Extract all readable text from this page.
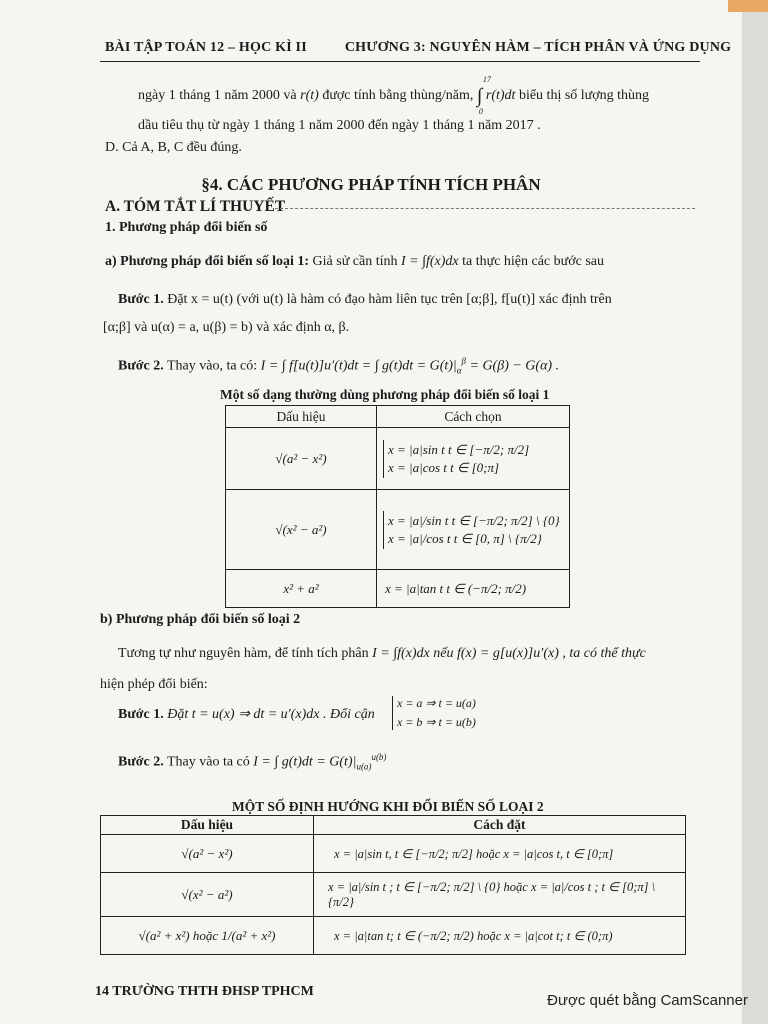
BÀI TẬP TOÁN 12 – HỌC KÌ II	CHƯƠNG 3: NGUYÊN HÀM – TÍCH PHÂN VÀ ỨNG DỤNG
ngày 1 tháng 1 năm 2000 và r(t) được tính bằng thùng/năm, ∫
17
0
r(t)dt biểu thị số lượng thùng
dầu tiêu thụ từ ngày 1 tháng 1 năm 2000 đến ngày 1 tháng 1 năm 2017 .
D. Cả A, B, C đều đúng.
§4. CÁC PHƯƠNG PHÁP TÍNH TÍCH PHÂN
A. TÓM TẮT LÍ THUYẾT
1. Phương pháp đổi biến số
a) Phương pháp đổi biến số loại 1: Giả sử cần tính I = ∫f(x)dx ta thực hiện các bước sau
Bước 1. Đặt x = u(t) (với u(t) là hàm có đạo hàm liên tục trên [α;β], f[u(t)] xác định trên
[α;β] và u(α) = a, u(β) = b) và xác định α, β.
Bước 2. Thay vào, ta có: I = ∫ f[u(t)]u′(t)dt = ∫ $g(t)dt = G(t)|_\alpha^\beta = G(\beta) - G(\alpha)$ .
Một số dạng thường dùng phương pháp đổi biến số loại 1
Dấu hiệu	Cách chọn
√(a² − x²)	x = |a|sin t t ∈ [−π/2; π/2]
x = |a|cos t t ∈ [0;π]

√(x² − a²)	x = |a|/sin t t ∈ [−π/2; π/2] \ {0}
x = |a|/cos t t ∈ [0, π] \ {π/2}

x² + a²	x = |a|tan t t ∈ (−π/2; π/2)
b) Phương pháp đổi biến số loại 2
Tương tự như nguyên hàm, để tính tích phân I = ∫f(x)dx nếu f(x) = g[u(x)]u′(x) , ta có thể thực
hiện phép đổi biến:
Bước 1. Đặt t = u(x) ⇒ dt = u′(x)dx . Đổi cận
x = a ⇒ t = u(a)
x = b ⇒ t = u(b)
Bước 2. Thay vào ta có I = ∫ $g(t)dt = G(t)|_{u(a)}^{u(b)}$
MỘT SỐ ĐỊNH HƯỚNG KHI ĐỔI BIẾN SỐ LOẠI 2
Dấu hiệu	Cách đặt
√(a² − x²)	x = |a|sin t, t ∈ [−π/2; π/2] hoặc x = |a|cos t, t ∈ [0;π]
√(x² − a²)	x = |a|/sin t ; t ∈ [−π/2; π/2] \ {0} hoặc x = |a|/cos t ; t ∈ [0;π] \ {π/2}
√(a² + x²) hoặc 1/(a² + x²)	x = |a|tan t; t ∈ (−π/2; π/2) hoặc x = |a|cot t; t ∈ (0;π)
14 TRƯỜNG THTH ĐHSP TPHCM
Được quét bằng CamScanner
